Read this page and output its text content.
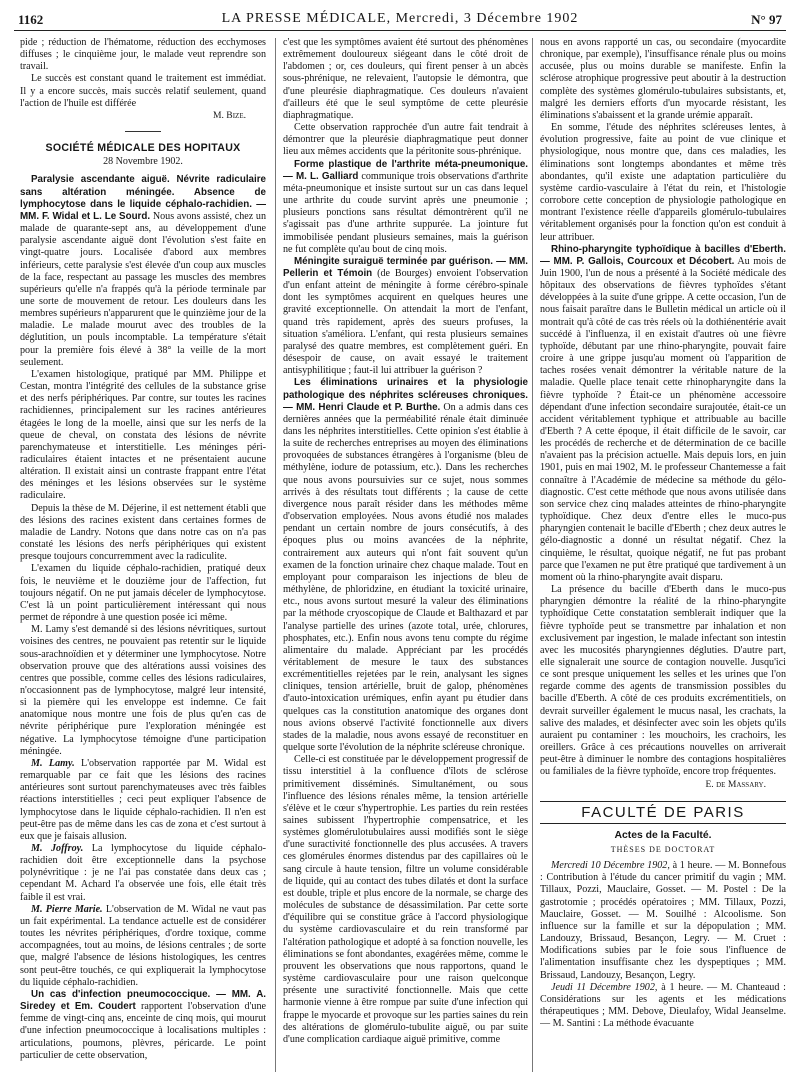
1162	LA PRESSE MÉDICALE, Mercredi, 3 Décembre 1902	N° 97

pide ; réduction de l'hématome, réduction des ecchymoses diffuses ; le cinquième jour, le malade veut reprendre son travail.

Le succès est constant quand le traitement est immédiat. Il y a encore succès, mais succès relatif seulement, quand l'action de l'huile est différée

M. Bize.
SOCIÉTÉ MÉDICALE DES HOPITAUX
28 Novembre 1902.

Paralysie ascendante aiguë. Névrite radiculaire sans altération méningée. Absence de lymphocytose dans le liquide céphalo-rachidien. — MM. F. Widal et L. Le Sourd. Nous avons assisté, chez un malade de quarante-sept ans, au développement d'une paralysie ascendante aiguë dont l'évolution s'est faite en vingt-quatre jours. Localisée d'abord aux membres inférieurs, cette paralysie s'est élevée d'un coup aux muscles de la face, respectant au passage les muscles des membres supérieurs qu'elle n'a frappés qu'à la période terminale par une sorte de mouvement de retour. Les douleurs dans les membres supérieurs n'apparurent que le quinzième jour de la maladie. Le malade mourut avec des troubles de la déglutition, un pouls incomptable. La température s'était pour la première fois élevé à 38° la veille de la mort seulement.

L'examen histologique, pratiqué par MM. Philippe et Cestan, montra l'intégrité des cellules de la substance grise et des nerfs périphériques. Par contre, sur toutes les racines rachidiennes, principalement sur les racines antérieures étagées le long de la moelle, ainsi que sur les nerfs de la queue de cheval, on constata des lésions de névrite parenchymateuse et interstitielle. Les méninges péri-radiculaires étaient intactes et ne présentaient aucune altération. Il existait ainsi un contraste frappant entre l'état des méninges et les lésions observées sur le système radiculaire.

Depuis la thèse de M. Déjerine, il est nettement établi que des lésions des racines existent dans certaines formes de maladie de Landry. Notons que dans notre cas on n'a pas constaté les lésions des nerfs périphériques qui existent presque toujours concurremment avec la radiculite.

L'examen du liquide céphalo-rachidien, pratiqué deux fois, le neuvième et le douzième jour de l'affection, fut toujours négatif. On ne put jamais déceler de lymphocytose. C'est là un point particulièrement intéressant qui nous permet de répondre à une question posée ici même.

M. Lamy s'est demandé si des lésions névritiques, surtout voisines des centres, ne pouvaient pas retentir sur le liquide sous-arachnoïdien et y déterminer une lymphocytose. Notre observation prouve que des altérations aussi voisines des centres que possible, comme celles des lésions radiculaires, n'occasionnent pas de lymphocytose, malgré leur intensité, si la piemère qui les enveloppe est indemne. Ce fait anatomique nous montre une fois de plus qu'en cas de névrite périphérique pure l'exploration méningée est négative. La lymphocytose témoigne d'une participation méningée.

M. Lamy. L'observation rapportée par M. Widal est remarquable par ce fait que les lésions des racines antérieures sont surtout parenchymateuses avec très faibles réactions interstitielles ; ceci peut expliquer l'absence de lymphocytose dans le liquide céphalo-rachidien. Il n'en est peut-être pas de même dans les cas de zona et c'est surtout à eux que je faisais allusion.

M. Joffroy. La lymphocytose du liquide céphalo-rachidien doit être exceptionnelle dans la psychose polynévritique : je ne l'ai pas constatée dans deux cas ; cependant M. Achard l'a observée une fois, elle était très faible il est vrai.

M. Pierre Marie. L'observation de M. Widal ne vaut pas un fait expérimental. La tendance actuelle est de considérer toutes les névrites périphériques, d'ordre toxique, comme accompagnées, tout au moins, de lésions centrales ; de sorte que, malgré l'absence de lésions histologiques, les centres sont peut-être touchés, ce qui expliquerait la lymphocytose du liquide céphalo-rachidien.

Un cas d'infection pneumococcique. — MM. A. Siredey et Em. Coudert rapportent l'observation d'une femme de vingt-cinq ans, enceinte de cinq mois, qui mourut d'une infection pneumococcique à localisations multiples : articulations, poumons, plèvres, péricarde. Le point particulier de cette observation,

c'est que les symptômes avaient été surtout des phénomènes extrêmement douloureux siégeant dans le côté droit de l'abdomen ; or, ces douleurs, qui firent penser à un abcès sous-phrénique, ne relevaient, l'autopsie le démontra, que d'une pleurésie diaphragmatique. Ces douleurs n'avaient d'ailleurs été que le seul symptôme de cette pleurésie diaphragmatique.

Cette observation rapprochée d'un autre fait tendrait à démontrer que la pleurésie diaphragmatique peut donner lieu aux mêmes accidents que la péritonite sous-phrénique.

Forme plastique de l'arthrite méta-pneumonique. — M. L. Galliard communique trois observations d'arthrite méta-pneumonique et insiste surtout sur un cas dans lequel une arthrite du coude survint après une pneumonie ; plusieurs ponctions sans résultat démontrèrent qu'il ne s'agissait pas d'une arthrite suppurée. La jointure fut immobilisée pendant plusieurs semaines, mais la guérison ne fut complète qu'au bout de cinq mois.

Méningite suraiguë terminée par guérison. — MM. Pellerin et Témoin (de Bourges) envoient l'observation d'un enfant atteint de méningite à forme cérébro-spinale dont les symptômes acquirent en quelques heures une gravité exceptionnelle. On attendait la mort de l'enfant, quand très rapidement, après des sueurs profuses, la situation s'améliora. L'enfant, qui resta plusieurs semaines paralysé des quatre membres, est complètement guéri. En désespoir de cause, on avait essayé le traitement antisyphilitique ; faut-il lui attribuer la guérison ?

Les éliminations urinaires et la physiologie pathologique des néphrites scléreuses chroniques. — MM. Henri Claude et P. Burthe. On a admis dans ces dernières années que la perméabilité rénale était diminuée dans les néphrites interstitielles. Cette opinion s'est établie à la suite de recherches entreprises au moyen des éliminations provoquées de substances étrangères à l'organisme (bleu de méthylène, iodure de potassium, etc.). Dans les recherches que nous avons poursuivies sur ce sujet, nous sommes arrivés à des résultats tout différents ; la cause de cette divergence nous paraît résider dans les méthodes même d'observation employées. Nous avons étudié nos malades pendant un certain nombre de jours consécutifs, à des époques plus ou moins avancées de la néphrite, contrairement aux auteurs qui n'ont fait souvent qu'un examen de la fonction urinaire chez chaque malade. Tout en employant pour comparaison les injections de bleu de méthylène, de phloridzine, en étudiant la toxicité urinaire, etc., nous avons surtout mesuré la valeur des éliminations par la méthode cryoscopique de Claude et Balthazard et par l'analyse partielle des urines (azote total, urée, chlorures, phosphates, etc.). Enfin nous avons tenu compte du régime alimentaire du malade. Appréciant par les procédés véritablement de mesure le taux des substances excrémentitielles rejetées par le rein, analysant les signes cliniques, tension artérielle, bruit de galop, phénomènes d'auto-intoxication urémiques, enfin ayant pu étudier dans quelques cas la constitution anatomique des organes dont nous avions observé l'activité fonctionnelle aux divers stades de la maladie, nous avons essayé de reconstituer en quelque sorte l'évolution de la néphrite scléreuse chronique.

Celle-ci est constituée par le développement progressif de tissu interstitiel à la confluence d'îlots de sclérose primitivement disséminés. Simultanément, ou sous l'influence des lésions rénales même, la tension artérielle s'élève et le cœur s'hypertrophie. Les parties du rein restées saines subissent l'hypertrophie compensatrice, et les systèmes glomérulotubulaires aussi modifiés sont le siège d'une suractivité fonctionnelle des plus accusées. A travers ces glomérules énormes distendus par des capillaires où le sang circule à haute tension, filtre un volume considérable de liquide, qui au contact des tubes dilatés et dont la surface est double, triple et plus encore de la normale, se charge des molécules de substance de désassimilation. Par cette sorte d'équilibre qui se constitue grâce à l'accord physiologique du système cardiovasculaire et du rein transformé par l'altération pathologique et adopté à sa fonction nouvelle, les éliminations se font abondantes, exagérées même, comme le prouvent les observations que nous rapportons, quand le système cardiovasculaire pour une raison quelconque présente une suractivité fonctionnelle. Mais que cette harmonie vienne à être rompue par suite d'une infection qui frappe le myocarde et provoque sur les parties saines du rein des altérations de glomérulo-tubulite aiguë, ou par suite d'une complication cardiaque aiguë primitive, comme

nous en avons rapporté un cas, ou secondaire (myocardite chronique, par exemple), l'insuffisance rénale plus ou moins accusée, plus ou moins durable se manifeste. Enfin la sclérose atrophique progressive peut aboutir à la destruction complète des systèmes glomérulo-tubulaires subsistants, et, malgré les derniers efforts d'un myocarde résistant, les éliminations s'abaissent et la grande urémie apparaît.

En somme, l'étude des néphrites scléreuses lentes, à évolution progressive, faite au point de vue clinique et physiologique, nous montre que, dans ces maladies, les éliminations sont longtemps abondantes et même très abondantes, qu'il existe une adaptation particulière du système cardio-vasculaire à l'état du rein, et l'histologie corrobore cette conception de physiologie pathologique en montrant l'existence réelle d'appareils glomérulo-tubulaires véritablement organisés pour la fonction qu'on est conduit à leur attribuer.

Rhino-pharyngite typhoïdique à bacilles d'Eberth. — MM. P. Gallois, Courcoux et Décobert. Au mois de Juin 1900, l'un de nous a présenté à la Société médicale des hôpitaux des observations de fièvres typhoïdes s'étant développées à la suite d'une grippe. A cette occasion, l'un de nous faisait paraître dans le Bulletin médical un article où il montrait qu'à côté de cas très réels où la dothiénentérie avait succédé à l'influenza, il en existait d'autres où une fièvre typhoïde, débutant par une rhino-pharyngite, pouvait faire croire à une grippe jusqu'au moment où l'apparition de taches rosées venait démontrer la véritable nature de la maladie. Quelle place tenait cette rhinopharyngite dans la fièvre typhoïde ? Était-ce un phénomène accessoire dépendant d'une infection secondaire surajoutée, était-ce un accident véritablement typhique et attribuable au bacille d'Eberth ? A cette époque, il était difficile de le savoir, car les procédés de recherche et de détermination de ce bacille n'avaient pas la précision actuelle. Mais depuis lors, en juin 1901, puis en mai 1902, M. le professeur Chantemesse a fait connaître à l'Académie de médecine sa méthode du gélo-diagnostic. C'est cette méthode que nous avons utilisée dans son service chez cinq malades atteintes de rhino-pharyngite typhoïdique. Chez deux d'entre elles le muco-pus pharyngien contenait le bacille d'Eberth ; chez deux autres le gélo-diagnostic a donné un résultat négatif. Chez la cinquième, le résultat, quoique négatif, ne fut pas probant parce que l'examen ne put être pratiqué que tardivement à un moment où la rhino-pharyngite avait disparu.

La présence du bacille d'Eberth dans le muco-pus pharyngien démontre la réalité de la rhino-pharyngite typhoïdique Cette constatation semblerait indiquer que la fièvre typhoïde peut se transmettre par inhalation et non exclusivement par ingestion, le malade infectant son intestin avec les mucosités pharyngiennes dégluties. D'autre part, elle signalerait une source de contagion nouvelle. Jusqu'ici ce sont presque uniquement les selles et les urines que l'on regarde comme des agents de transmission possibles du bacille d'Eberth. A côté de ces produits excrémentitiels, on devrait surveiller également le mucus nasal, les crachats, la salive des malades, et désinfecter avec soin les objets qu'ils auraient pu contaminer : les mouchoirs, les crachoirs, les oreillers. Grâce à ces précautions nouvelles on arriverait peut-être à diminuer le nombre des contagions hospitalières ou familiales de la fièvre typhoïde, encore trop fréquentes.

E. de Massary.
FACULTÉ DE PARIS
Actes de la Faculté.
THÈSES DE DOCTORAT

Mercredi 10 Décembre 1902, à 1 heure. — M. Bonnefous : Contribution à l'étude du cancer primitif du vagin ; MM. Tillaux, Pozzi, Mauclaire, Gosset. — M. Postel : De la gastrotomie ; procédés opératoires ; MM. Tillaux, Pozzi, Mauclaire, Gosset. — M. Souilhé : Alcoolisme. Son influence sur la famille et sur la dépopulation ; MM. Landouzy, Brissaud, Besançon, Legry. — M. Cruet : Modifications subies par le foie sous l'influence de l'alimentation insuffisante chez les dyspeptiques ; MM. Brissaud, Landouzy, Besançon, Legry.

Jeudi 11 Décembre 1902, à 1 heure. — M. Chanteaud : Considérations sur les agents et les médications thérapeutiques ; MM. Debove, Dieulafoy, Widal Jeanselme. — M. Santini : La méthode évacuante
